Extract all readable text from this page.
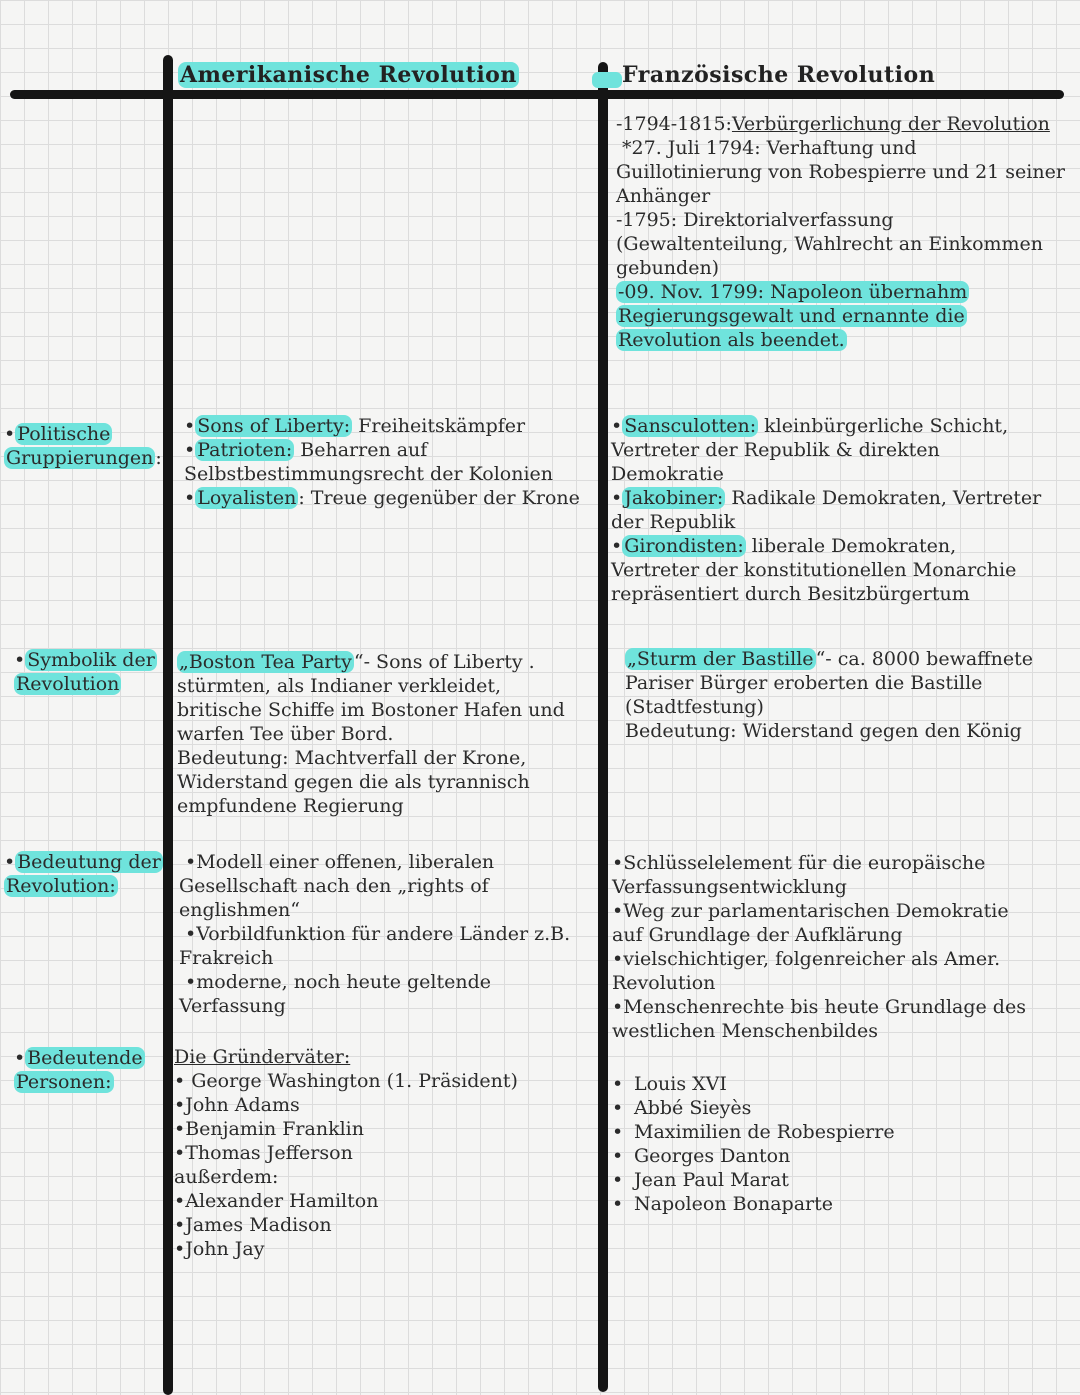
Amerikanische Revolution	Französische Revolution

-1794-1815:Verbürgerlichung der Revolution

*27. Juli 1794: Verhaftung und

Guillotinierung von Robespierre und 21 seiner

Anhänger

-1795: Direktorialverfassung

(Gewaltenteilung, Wahlrecht an Einkommen

gebunden)

-09. Nov. 1799: Napoleon übernahm

Regierungsgewalt und ernannte die

Revolution als beendet.

• Politische

Gruppierungen :

• Symbolik der

Revolution

• Bedeutung der

Revolution:

• Bedeutende

Personen:

• Sons of Liberty: Freiheitskämpfer

• Patrioten: Beharren auf

Selbstbestimmungsrecht der Kolonien

• Loyalisten : Treue gegenüber der Krone

• Sansculotten: kleinbürgerliche Schicht,

Vertreter der Republik & direkten

Demokratie

• Jakobiner: Radikale Demokraten, Vertreter

der Republik

• Girondisten: liberale Demokraten,

Vertreter der konstitutionellen Monarchie

repräsentiert durch Besitzbürgertum

„Boston Tea Party “- Sons of Liberty .

stürmten, als Indianer verkleidet,

britische Schiffe im Bostoner Hafen und

warfen Tee über Bord.

Bedeutung: Machtverfall der Krone,

Widerstand gegen die als tyrannisch

empfundene Regierung

„Sturm der Bastille “- ca. 8000 bewaffnete

Pariser Bürger eroberten die Bastille

(Stadtfestung)

Bedeutung: Widerstand gegen den König

•Modell einer offenen, liberalen

Gesellschaft nach den „rights of

englishmen“

•Vorbildfunktion für andere Länder z.B.

Frakreich

•moderne, noch heute geltende

Verfassung

•Schlüsselelement für die europäische

Verfassungsentwicklung

•Weg zur parlamentarischen Demokratie

auf Grundlage der Aufklärung

•vielschichtiger, folgenreicher als Amer.

Revolution

•Menschenrechte bis heute Grundlage des

westlichen Menschenbildes

Die Gründerväter:

• George Washington (1. Präsident)

•John Adams

•Benjamin Franklin

•Thomas Jefferson

außerdem:

•Alexander Hamilton

•James Madison

•John Jay

• Louis XVI

• Abbé Sieyès

• Maximilien de Robespierre

• Georges Danton

• Jean Paul Marat

• Napoleon Bonaparte
